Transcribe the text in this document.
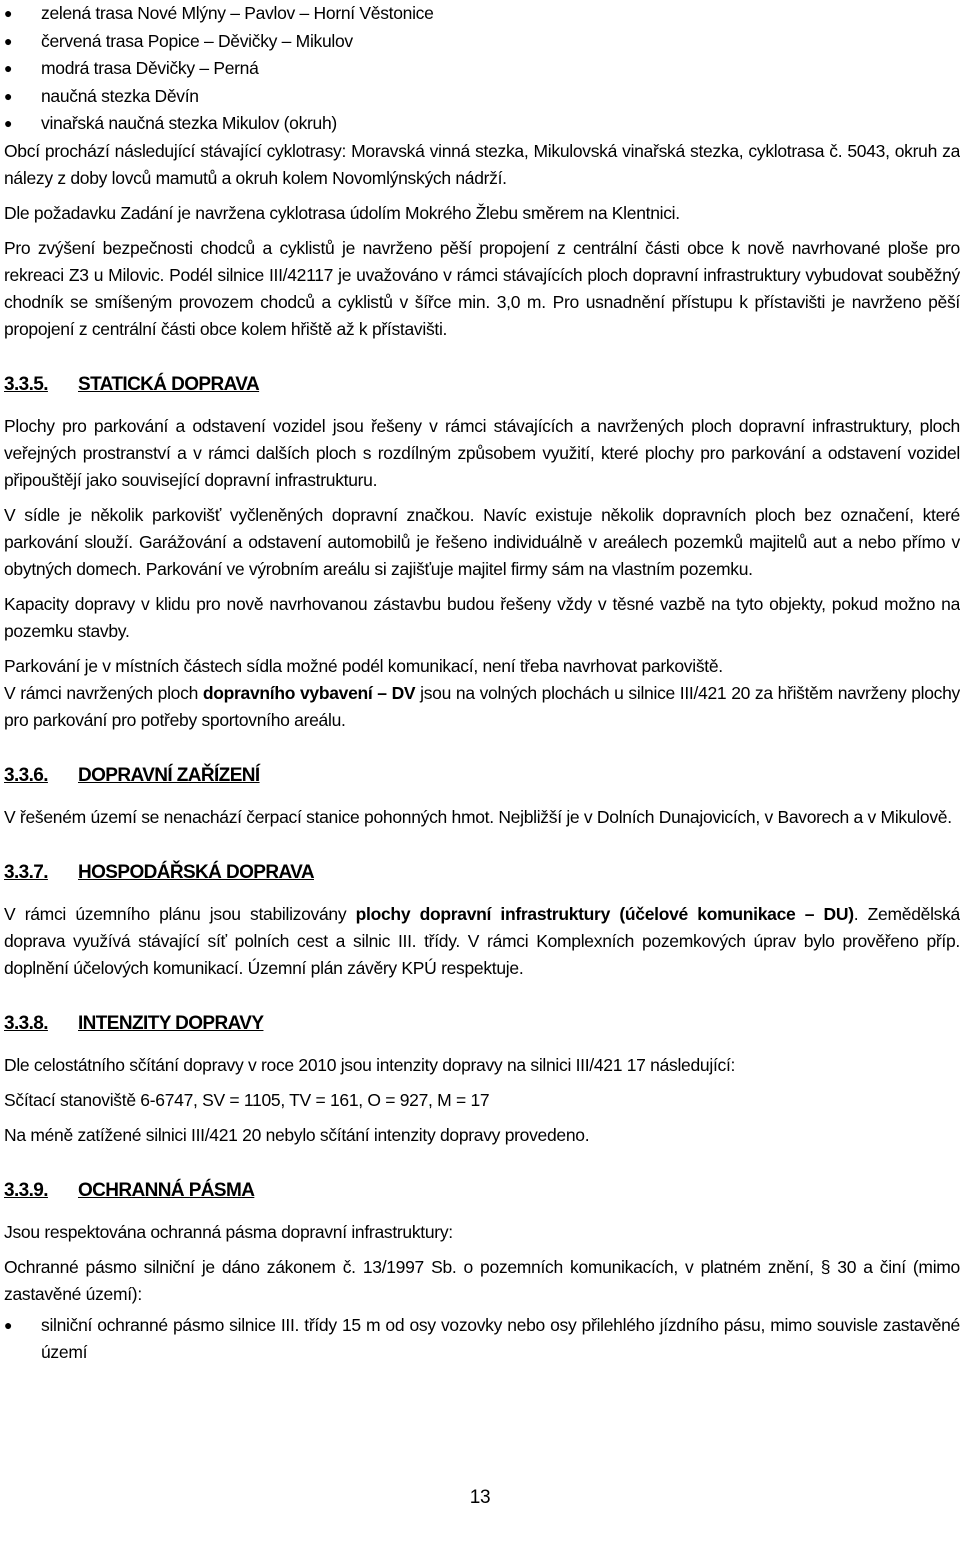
● zelená trasa Nové Mlýny – Pavlov – Horní Věstonice
● červená trasa Popice – Děvičky – Mikulov
● modrá trasa Děvičky – Perná
● naučná stezka Děvín
● vinařská naučná stezka Mikulov (okruh)

Obcí prochází následující stávající cyklotrasy: Moravská vinná stezka, Mikulovská vinařská stezka, cyklotrasa č. 5043, okruh za nálezy z doby lovců mamutů a okruh kolem Novomlýnských nádrží.

Dle požadavku Zadání je navržena cyklotrasa údolím Mokrého Žlebu směrem na Klentnici.

Pro zvýšení bezpečnosti chodců a cyklistů je navrženo pěší propojení z centrální části obce k nově navrhované ploše pro rekreaci Z3 u Milovic. Podél silnice III/42117 je uvažováno v rámci stávajících ploch dopravní infrastruktury vybudovat souběžný chodník se smíšeným provozem chodců a cyklistů v šířce min. 3,0 m. Pro usnadnění přístupu k přístavišti je navrženo pěší propojení z centrální části obce kolem hřiště až k přístavišti.

3.3.5. STATICKÁ DOPRAVA

Plochy pro parkování a odstavení vozidel jsou řešeny v rámci stávajících a navržených ploch dopravní infrastruktury, ploch veřejných prostranství a v rámci dalších ploch s rozdílným způsobem využití, které plochy pro parkování a odstavení vozidel připouštějí jako související dopravní infrastrukturu.

V sídle je několik parkovišť vyčleněných dopravní značkou. Navíc existuje několik dopravních ploch bez označení, které parkování slouží. Garážování a odstavení automobilů je řešeno individuálně v areálech pozemků majitelů aut a nebo přímo v obytných domech. Parkování ve výrobním areálu si zajišťuje majitel firmy sám na vlastním pozemku.

Kapacity dopravy v klidu pro nově navrhovanou zástavbu budou řešeny vždy v těsné vazbě na tyto objekty, pokud možno na pozemku stavby.

Parkování je v místních částech sídla možné podél komunikací, není třeba navrhovat parkoviště.

V rámci navržených ploch dopravního vybavení – DV jsou na volných plochách u silnice III/421 20 za hřištěm navrženy plochy pro parkování pro potřeby sportovního areálu.

3.3.6. DOPRAVNÍ ZAŘÍZENÍ

V řešeném území se nenachází čerpací stanice pohonných hmot. Nejbližší je v Dolních Dunajovicích, v Bavorech a v Mikulově.

3.3.7. HOSPODÁŘSKÁ DOPRAVA

V rámci územního plánu jsou stabilizovány plochy dopravní infrastruktury (účelové komunikace – DU). Zemědělská doprava využívá stávající síť polních cest a silnic III. třídy. V rámci Komplexních pozemkových úprav bylo prověřeno příp. doplnění účelových komunikací. Územní plán závěry KPÚ respektuje.

3.3.8. INTENZITY DOPRAVY

Dle celostátního sčítání dopravy v roce 2010 jsou intenzity dopravy na silnici III/421 17 následující:

Sčítací stanoviště 6-6747, SV = 1105, TV = 161, O = 927, M = 17

Na méně zatížené silnici III/421 20 nebylo sčítání intenzity dopravy provedeno.

3.3.9. OCHRANNÁ PÁSMA

Jsou respektována ochranná pásma dopravní infrastruktury:

Ochranné pásmo silniční je dáno zákonem č. 13/1997 Sb. o pozemních komunikacích, v platném znění, § 30 a činí (mimo zastavěné území):

● silniční ochranné pásmo silnice III. třídy 15 m od osy vozovky nebo osy přilehlého jízdního pásu, mimo souvisle zastavěné území
13
